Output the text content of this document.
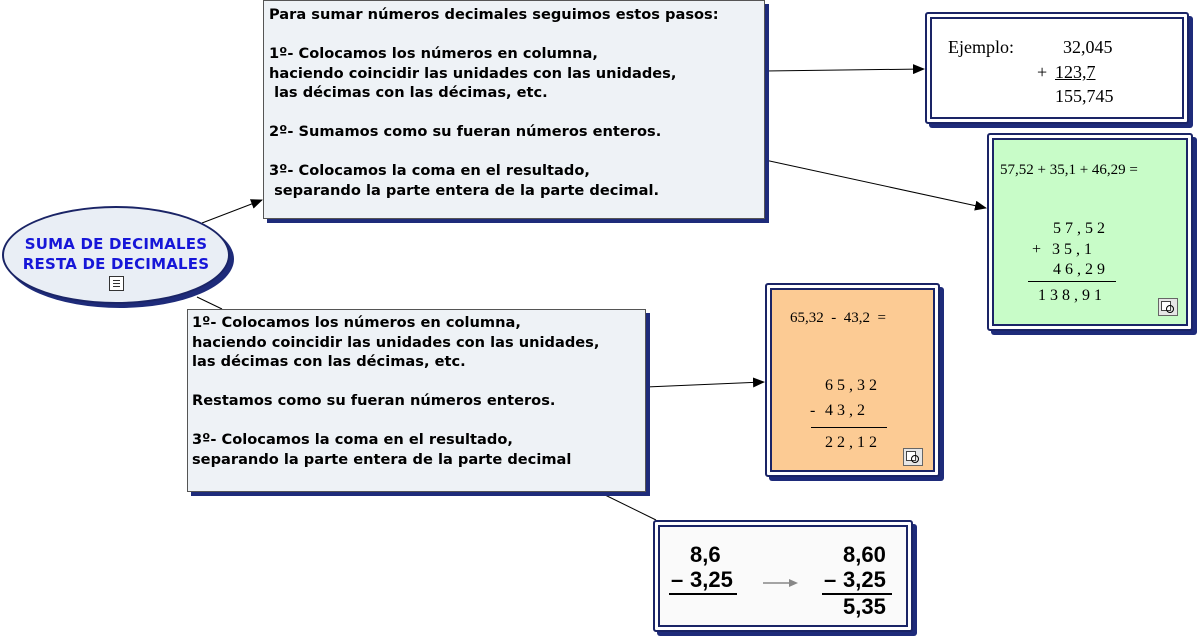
SUMA DE DECIMALES
RESTA DE DECIMALES
Para sumar números decimales seguimos estos pasos:
1º- Colocamos los números en columna,
haciendo coincidir las unidades con las unidades,
las décimas con las décimas, etc.
2º- Sumamos como su fueran números enteros.
3º- Colocamos la coma en el resultado,
separando la parte entera de la parte decimal.
1º- Colocamos los números en columna,
haciendo coincidir las unidades con las unidades,
las décimas con las décimas, etc.
Restamos como su fueran números enteros.
3º- Colocamos la coma en el resultado,
separando la parte entera de la parte decimal
Ejemplo:	32,045
+ 123,7
155,745
57,52 + 35,1 + 46,29 =
5 7 , 5 2
+ 3 5 , 1
4 6 , 2 9
1 3 8 , 9 1
65,32  -  43,2  =
6 5 , 3 2
- 4 3 , 2
2 2 , 1 2
8,6
– 3,25
8,60
– 3,25
5,35
